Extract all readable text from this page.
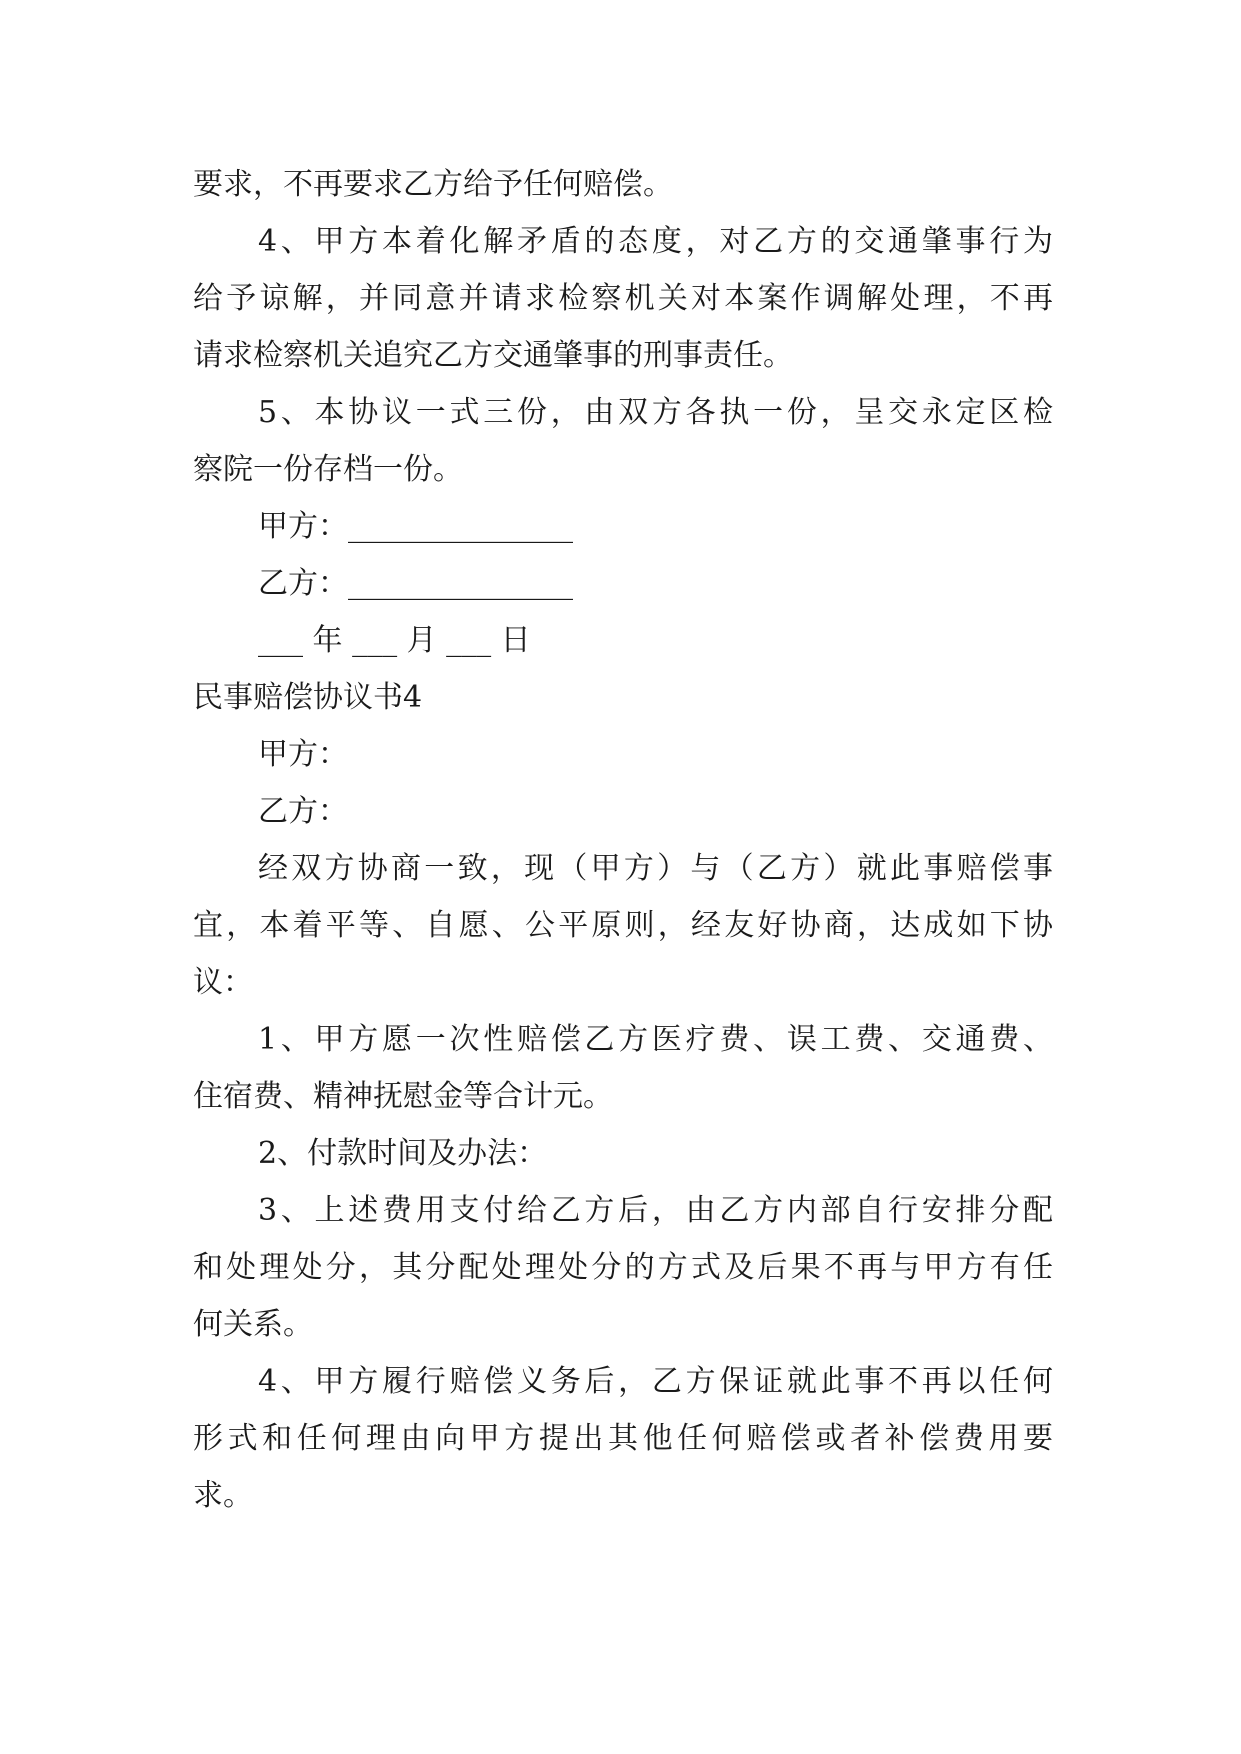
要求，不再要求乙方给予任何赔偿。

4、甲方本着化解矛盾的态度，对乙方的交通肇事行为

给予谅解，并同意并请求检察机关对本案作调解处理，不再

请求检察机关追究乙方交通肇事的刑事责任。

5、本协议一式三份，由双方各执一份，呈交永定区检

察院一份存档一份。

甲方：_______________

乙方：_______________

___ 年 ___ 月 ___ 日

民事赔偿协议书4

甲方：

乙方：

经双方协商一致，现（甲方）与（乙方）就此事赔偿事

宜，本着平等、自愿、公平原则，经友好协商，达成如下协

议：

1、甲方愿一次性赔偿乙方医疗费、误工费、交通费、

住宿费、精神抚慰金等合计元。

2、付款时间及办法：

3、上述费用支付给乙方后，由乙方内部自行安排分配

和处理处分，其分配处理处分的方式及后果不再与甲方有任

何关系。

4、甲方履行赔偿义务后，乙方保证就此事不再以任何

形式和任何理由向甲方提出其他任何赔偿或者补偿费用要

求。
